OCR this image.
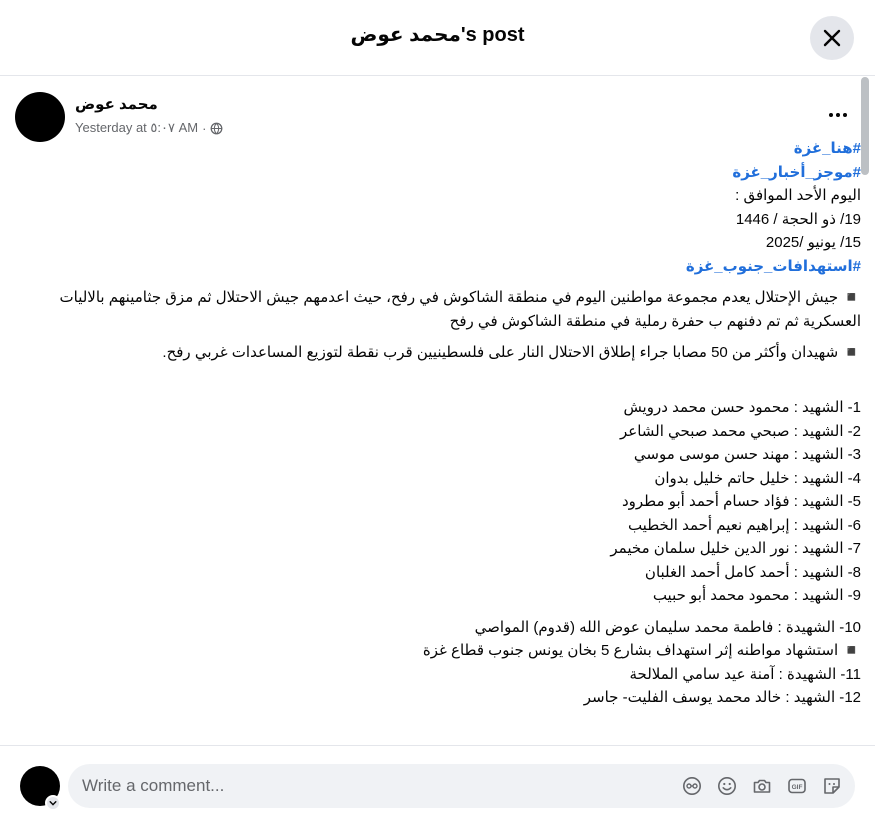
محمد عوض's post
محمد عوض
Yesterday at ٥:٠٧ AM ·
#هنا_غزة
#موجز_أخبار_غزة
اليوم الأحد الموافق :
19/ ذو الحجة / 1446
15/ يونيو /2025
#استهدافات_جنوب_غزة
◾️ جيش الإحتلال يعدم مجموعة مواطنين اليوم في منطقة الشاكوش في رفح، حيث اعدمهم جيش الاحتلال ثم مزق جثامينهم بالاليات العسكرية ثم تم دفنهم ب حفرة رملية في منطقة الشاكوش في رفح
◾️ شهيدان وأكثر من 50 مصابا جراء إطلاق الاحتلال النار على فلسطينيين قرب نقطة لتوزيع المساعدات غربي رفح.
1- الشهيد : محمود حسن محمد درويش
2- الشهيد : صبحي محمد صبحي الشاعر
3- الشهيد : مهند حسن موسى موسي
4- الشهيد : خليل حاتم خليل بدوان
5- الشهيد : فؤاد حسام أحمد أبو مطرود
6- الشهيد : إبراهيم نعيم أحمد الخطيب
7- الشهيد : نور الدين خليل سلمان مخيمر
8- الشهيد : أحمد كامل أحمد الغلبان
9- الشهيد : محمود محمد أبو حبيب
10- الشهيدة : فاطمة محمد سليمان عوض الله (قدوم) المواصي
◾️ استشهاد مواطنه إثر استهداف بشارع 5 بخان يونس جنوب قطاع غزة
11- الشهيدة : آمنة عيد سامي الملالحة
12- الشهيد : خالد محمد يوسف الفليت- جاسر
Write a comment...
GIF
